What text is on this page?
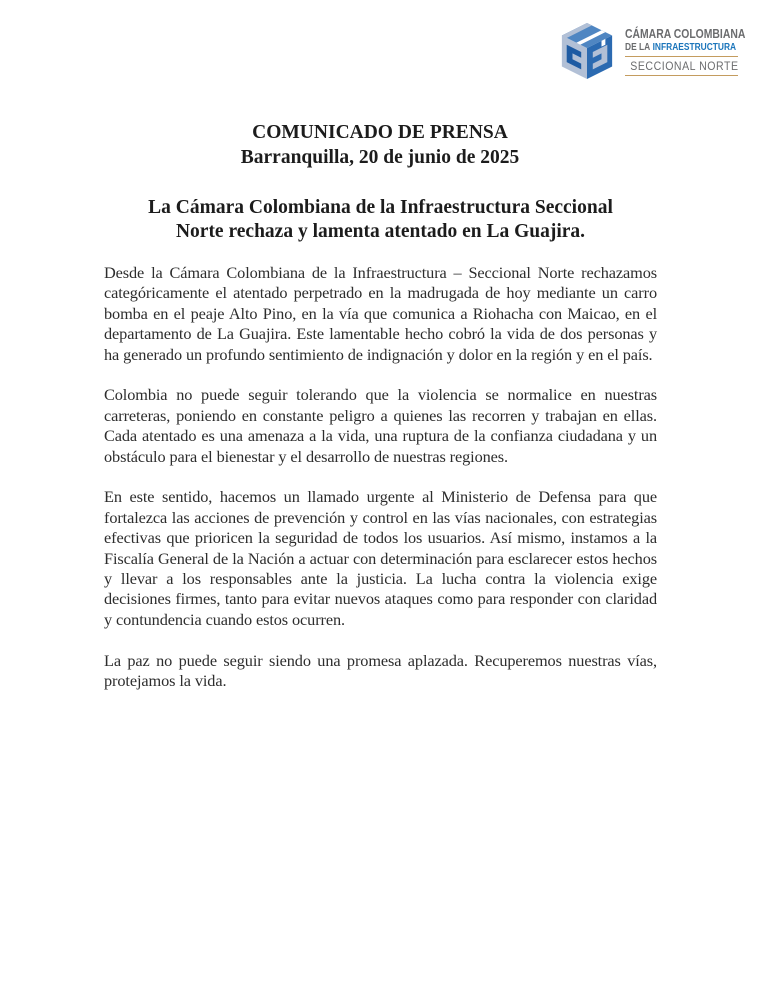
CÁMARA COLOMBIANA
DE LA INFRAESTRUCTURA
SECCIONAL NORTE
COMUNICADO DE PRENSA
Barranquilla, 20 de junio de 2025
La Cámara Colombiana de la Infraestructura Seccional
Norte rechaza y lamenta atentado en La Guajira.

Desde la Cámara Colombiana de la Infraestructura – Seccional Norte rechazamos categóricamente el atentado perpetrado en la madrugada de hoy mediante un carro bomba en el peaje Alto Pino, en la vía que comunica a Riohacha con Maicao, en el departamento de La Guajira. Este lamentable hecho cobró la vida de dos personas y ha generado un profundo sentimiento de indignación y dolor en la región y en el país.

Colombia no puede seguir tolerando que la violencia se normalice en nuestras carreteras, poniendo en constante peligro a quienes las recorren y trabajan en ellas. Cada atentado es una amenaza a la vida, una ruptura de la confianza ciudadana y un obstáculo para el bienestar y el desarrollo de nuestras regiones.

En este sentido, hacemos un llamado urgente al Ministerio de Defensa para que fortalezca las acciones de prevención y control en las vías nacionales, con estrategias efectivas que prioricen la seguridad de todos los usuarios. Así mismo, instamos a la Fiscalía General de la Nación a actuar con determinación para esclarecer estos hechos y llevar a los responsables ante la justicia. La lucha contra la violencia exige decisiones firmes, tanto para evitar nuevos ataques como para responder con claridad y contundencia cuando estos ocurren.

La paz no puede seguir siendo una promesa aplazada. Recuperemos nuestras vías, protejamos la vida.
